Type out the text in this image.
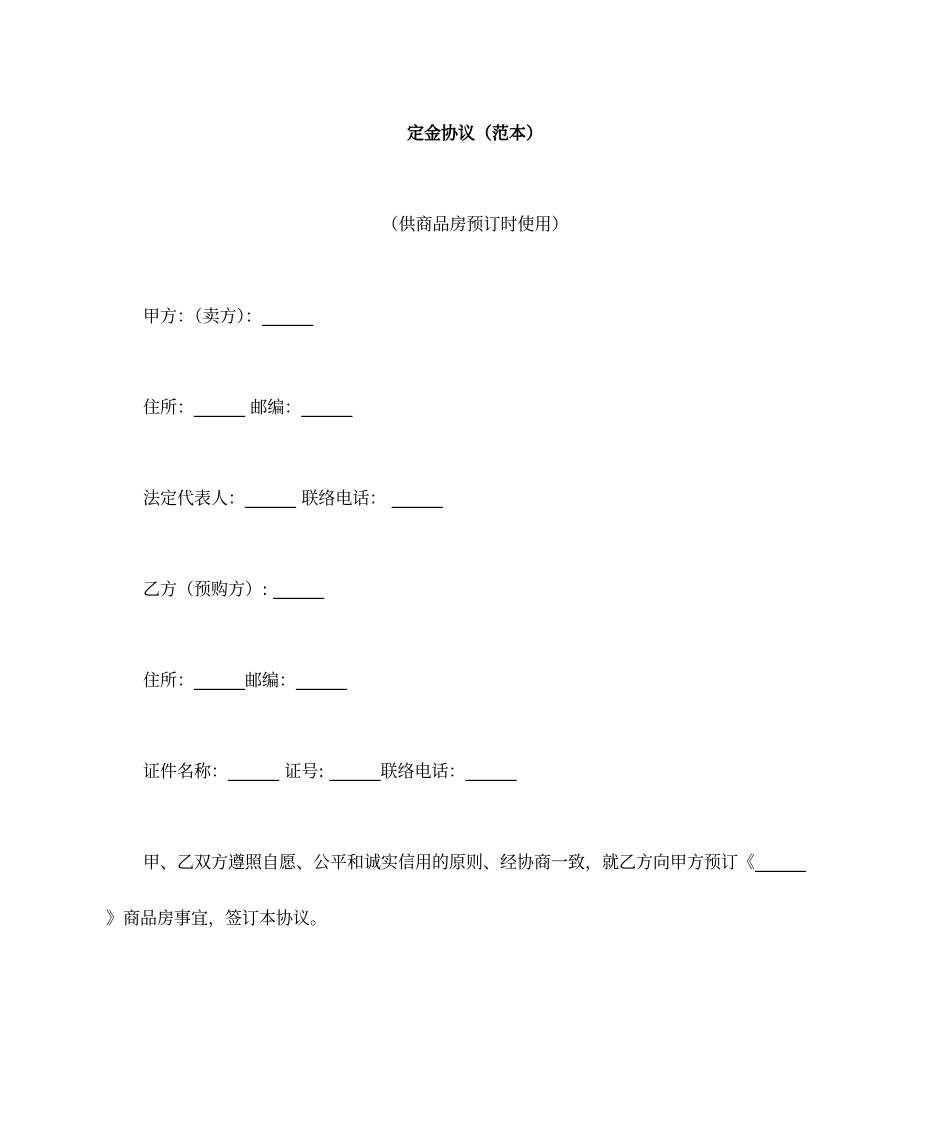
定金协议（范本）
（供商品房预订时使用）
甲方：（卖方）：______
住所：______ 邮编：______
法定代表人：______ 联络电话： ______
乙方（预购方）: ______
住所：______邮编：______
证件名称：______ 证号: ______联络电话：______
甲、乙双方遵照自愿、公平和诚实信用的原则、经协商一致，就乙方向甲方预订《______
》商品房事宜，签订本协议。
